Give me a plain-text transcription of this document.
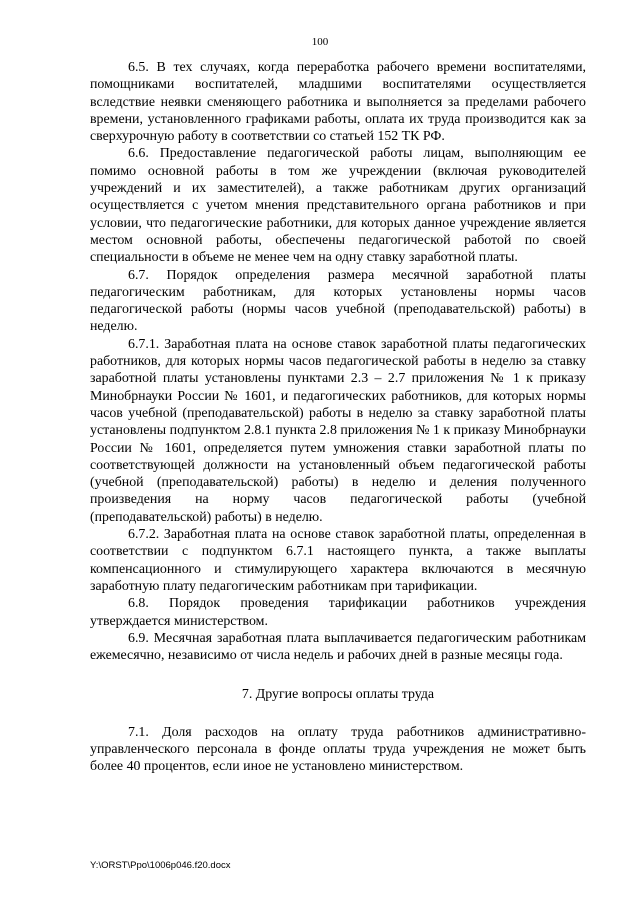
100

6.5. В тех случаях, когда переработка рабочего времени воспитателями, помощниками воспитателей, младшими воспитателями осуществляется вследствие неявки сменяющего работника и выполняется за пределами рабочего времени, установленного графиками работы, оплата их труда производится как за сверхурочную работу в соответствии со статьей 152 ТК РФ.

6.6. Предоставление педагогической работы лицам, выполняющим ее помимо основной работы в том же учреждении (включая руководителей учреждений и их заместителей), а также работникам других организаций осуществляется с учетом мнения представительного органа работников и при условии, что педагогические работники, для которых данное учреждение является местом основной работы, обеспечены педагогической работой по своей специальности в объеме не менее чем на одну ставку заработной платы.

6.7. Порядок определения размера месячной заработной платы педагогическим работникам, для которых установлены нормы часов педагогической работы (нормы часов учебной (преподавательской) работы) в неделю.

6.7.1. Заработная плата на основе ставок заработной платы педагогических работников, для которых нормы часов педагогической работы в неделю за ставку заработной платы установлены пунктами 2.3 – 2.7 приложения № 1 к приказу Минобрнауки России № 1601, и педагогических работников, для которых нормы часов учебной (преподавательской) работы в неделю за ставку заработной платы установлены подпунктом 2.8.1 пункта 2.8 приложения № 1 к приказу Минобрнауки России № 1601, определяется путем умножения ставки заработной платы по соответствующей должности на установленный объем педагогической работы (учебной (преподавательской) работы) в неделю и деления полученного произведения на норму часов педагогической работы (учебной (преподавательской) работы) в неделю.

6.7.2. Заработная плата на основе ставок заработной платы, определенная в соответствии с подпунктом 6.7.1 настоящего пункта, а также выплаты компенсационного и стимулирующего характера включаются в месячную заработную плату педагогическим работникам при тарификации.

6.8. Порядок проведения тарификации работников учреждения утверждается министерством.

6.9. Месячная заработная плата выплачивается педагогическим работникам ежемесячно, независимо от числа недель и рабочих дней в разные месяцы года.

7. Другие вопросы оплаты труда

7.1. Доля расходов на оплату труда работников административно-управленческого персонала в фонде оплаты труда учреждения не может быть более 40 процентов, если иное не установлено министерством.

Y:\ORST\Ppo\1006p046.f20.docx
